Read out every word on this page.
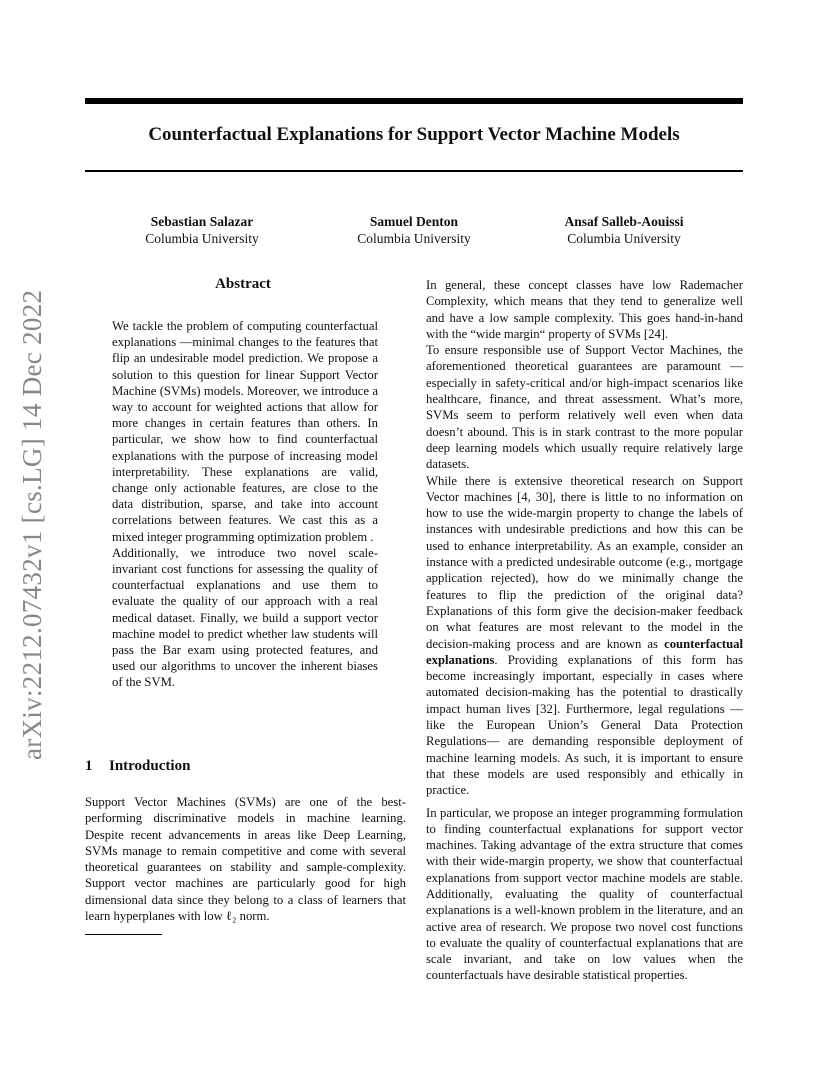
arXiv:2212.07432v1 [cs.LG] 14 Dec 2022
Counterfactual Explanations for Support Vector Machine Models
Sebastian Salazar
Columbia University
Samuel Denton
Columbia University
Ansaf Salleb-Aouissi
Columbia University
Abstract

We tackle the problem of computing counterfactual explanations —minimal changes to the features that flip an undesirable model prediction. We propose a solution to this question for linear Support Vector Machine (SVMs) models. Moreover, we introduce a way to account for weighted actions that allow for more changes in certain features than others. In particular, we show how to find counterfactual explanations with the purpose of increasing model interpretability. These explanations are valid, change only actionable features, are close to the data distribution, sparse, and take into account correlations between features. We cast this as a mixed integer programming optimization problem .

Additionally, we introduce two novel scale-invariant cost functions for assessing the quality of counterfactual explanations and use them to evaluate the quality of our approach with a real medical dataset. Finally, we build a support vector machine model to predict whether law students will pass the Bar exam using protected features, and used our algorithms to uncover the inherent biases of the SVM.

1 Introduction

Support Vector Machines (SVMs) are one of the best-performing discriminative models in machine learning. Despite recent advancements in areas like Deep Learning, SVMs manage to remain competitive and come with several theoretical guarantees on stability and sample-complexity. Support vector machines are particularly good for high dimensional data since they belong to a class of learners that learn hyperplanes with low ℓ₂ norm.

In general, these concept classes have low Rademacher Complexity, which means that they tend to generalize well and have a low sample complexity. This goes hand-in-hand with the “wide margin“ property of SVMs [24].

To ensure responsible use of Support Vector Machines, the aforementioned theoretical guarantees are paramount — especially in safety-critical and/or high-impact scenarios like healthcare, finance, and threat assessment. What’s more, SVMs seem to perform relatively well even when data doesn’t abound. This is in stark contrast to the more popular deep learning models which usually require relatively large datasets.

While there is extensive theoretical research on Support Vector machines [4, 30], there is little to no information on how to use the wide-margin property to change the labels of instances with undesirable predictions and how this can be used to enhance interpretability. As an example, consider an instance with a predicted undesirable outcome (e.g., mortgage application rejected), how do we minimally change the features to flip the prediction of the original data? Explanations of this form give the decision-maker feedback on what features are most relevant to the model in the decision-making process and are known as counterfactual explanations. Providing explanations of this form has become increasingly important, especially in cases where automated decision-making has the potential to drastically impact human lives [32]. Furthermore, legal regulations —like the European Union’s General Data Protection Regulations— are demanding responsible deployment of machine learning models. As such, it is important to ensure that these models are used responsibly and ethically in practice.

In particular, we propose an integer programming formulation to finding counterfactual explanations for support vector machines. Taking advantage of the extra structure that comes with their wide-margin property, we show that counterfactual explanations from support vector machine models are stable. Additionally, evaluating the quality of counterfactual explanations is a well-known problem in the literature, and an active area of research. We propose two novel cost functions to evaluate the quality of counterfactual explanations that are scale invariant, and take on low values when the counterfactuals have desirable statistical properties.
